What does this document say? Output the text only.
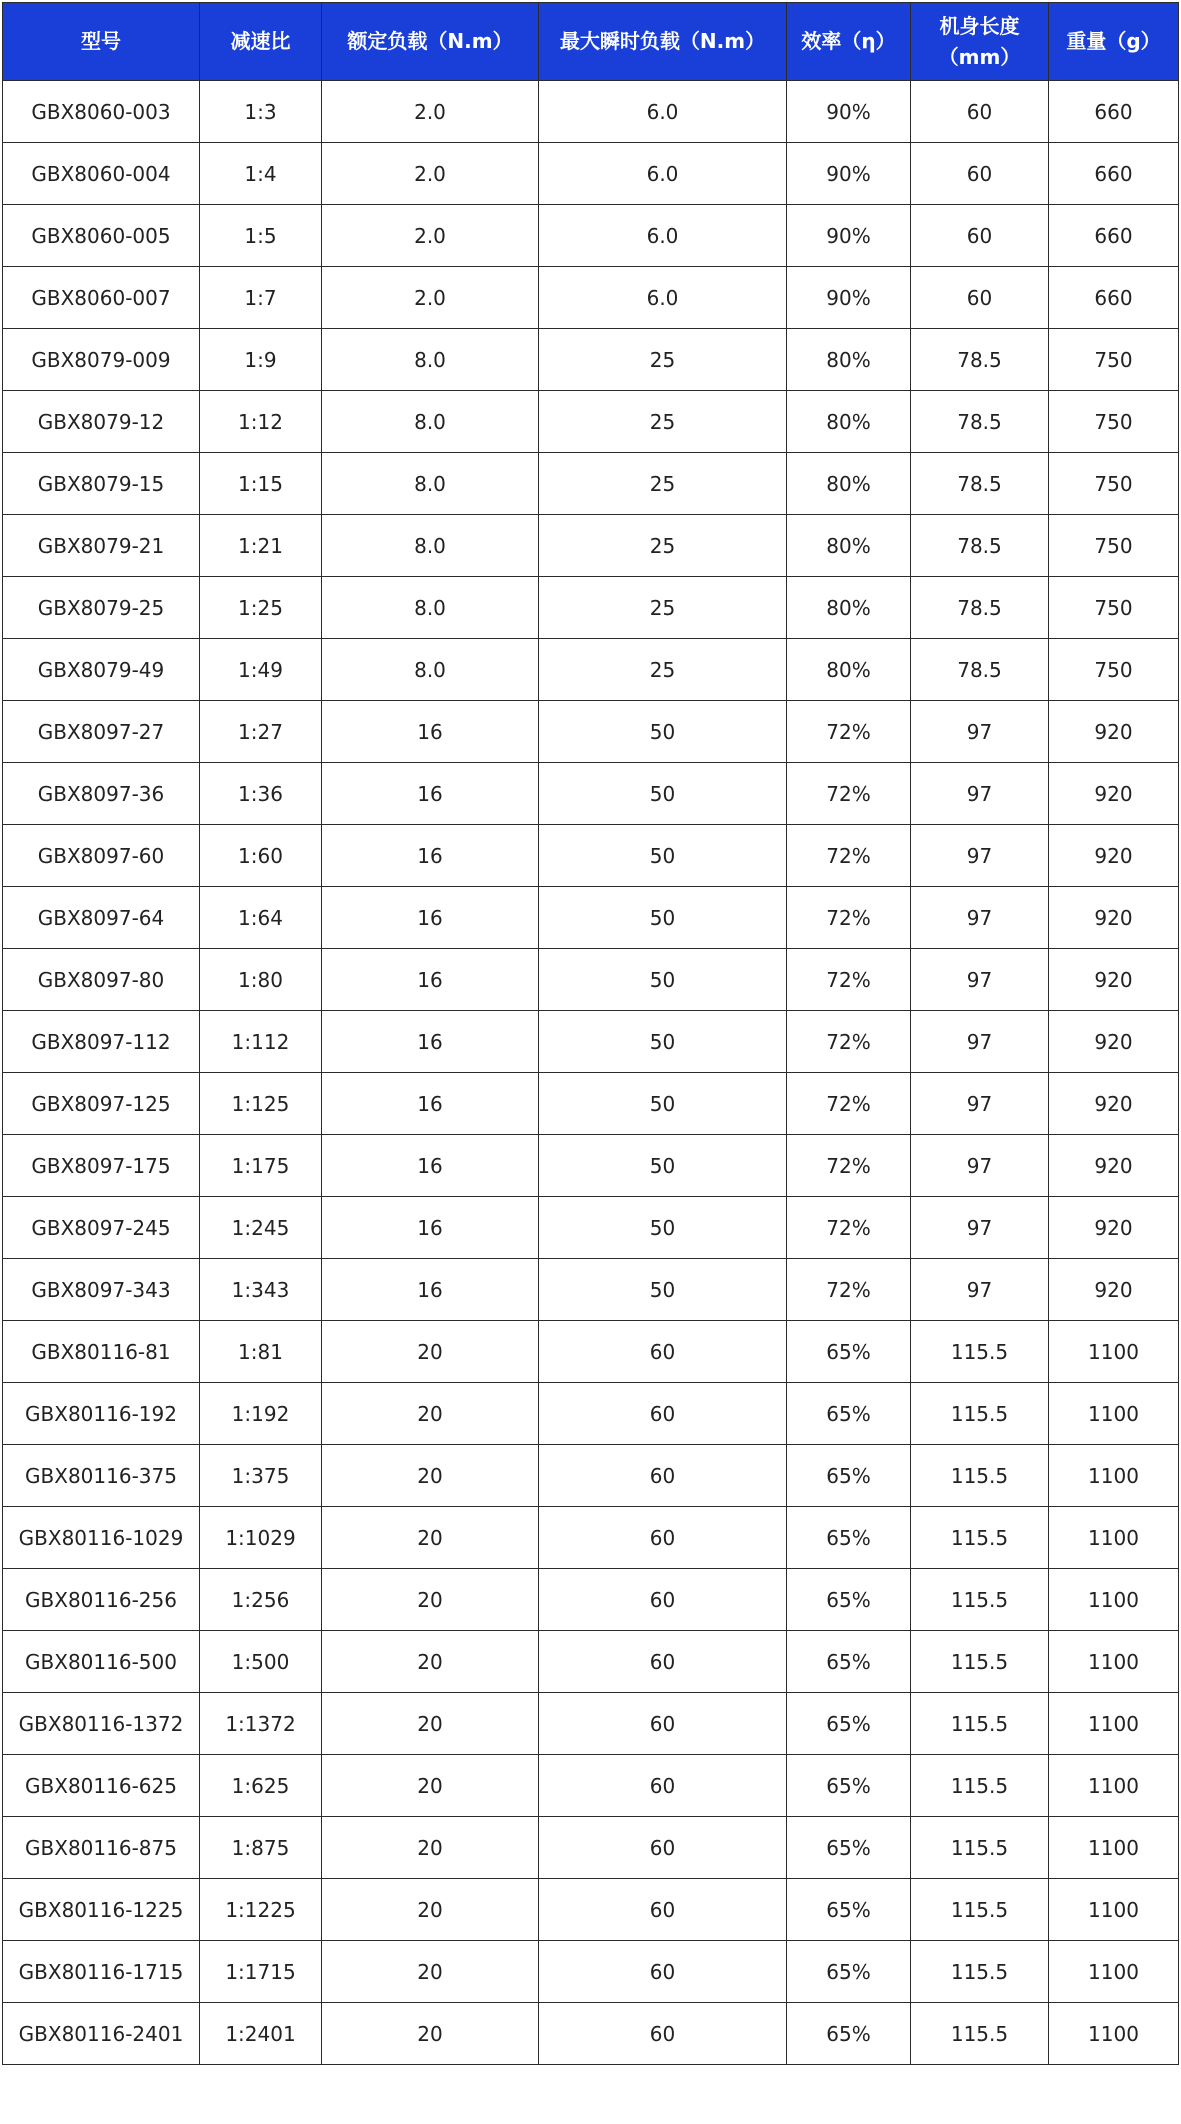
型号	减速比	额定负载（N.m）	最大瞬时负载（N.m）	效率（η）	机身长度（mm）	重量（g）
GBX8060-003	1:3	2.0	6.0	90%	60	660
GBX8060-004	1:4	2.0	6.0	90%	60	660
GBX8060-005	1:5	2.0	6.0	90%	60	660
GBX8060-007	1:7	2.0	6.0	90%	60	660
GBX8079-009	1:9	8.0	25	80%	78.5	750
GBX8079-12	1:12	8.0	25	80%	78.5	750
GBX8079-15	1:15	8.0	25	80%	78.5	750
GBX8079-21	1:21	8.0	25	80%	78.5	750
GBX8079-25	1:25	8.0	25	80%	78.5	750
GBX8079-49	1:49	8.0	25	80%	78.5	750
GBX8097-27	1:27	16	50	72%	97	920
GBX8097-36	1:36	16	50	72%	97	920
GBX8097-60	1:60	16	50	72%	97	920
GBX8097-64	1:64	16	50	72%	97	920
GBX8097-80	1:80	16	50	72%	97	920
GBX8097-112	1:112	16	50	72%	97	920
GBX8097-125	1:125	16	50	72%	97	920
GBX8097-175	1:175	16	50	72%	97	920
GBX8097-245	1:245	16	50	72%	97	920
GBX8097-343	1:343	16	50	72%	97	920
GBX80116-81	1:81	20	60	65%	115.5	1100
GBX80116-192	1:192	20	60	65%	115.5	1100
GBX80116-375	1:375	20	60	65%	115.5	1100
GBX80116-1029	1:1029	20	60	65%	115.5	1100
GBX80116-256	1:256	20	60	65%	115.5	1100
GBX80116-500	1:500	20	60	65%	115.5	1100
GBX80116-1372	1:1372	20	60	65%	115.5	1100
GBX80116-625	1:625	20	60	65%	115.5	1100
GBX80116-875	1:875	20	60	65%	115.5	1100
GBX80116-1225	1:1225	20	60	65%	115.5	1100
GBX80116-1715	1:1715	20	60	65%	115.5	1100
GBX80116-2401	1:2401	20	60	65%	115.5	1100
